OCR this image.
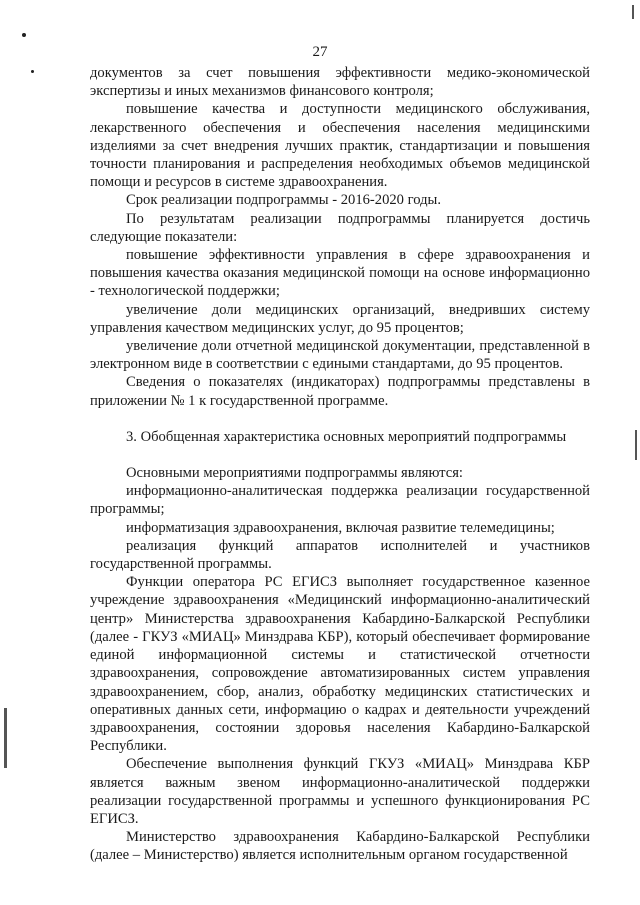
27

документов за счет повышения эффективности медико-экономической экспертизы и иных механизмов финансового контроля;

повышение качества и доступности медицинского обслуживания, лекарственного обеспечения и обеспечения населения медицинскими изделиями за счет внедрения лучших практик, стандартизации и повышения точности планирования и распределения необходимых объемов медицинской помощи и ресурсов в системе здравоохранения.

Срок реализации подпрограммы - 2016-2020 годы.

По результатам реализации подпрограммы планируется достичь следующие показатели:

повышение эффективности управления в сфере здравоохранения и повышения качества оказания медицинской помощи на основе информационно - технологической поддержки;

увеличение доли медицинских организаций, внедривших систему управления качеством медицинских услуг, до 95 процентов;

увеличение доли отчетной медицинской документации, представленной в электронном виде в соответствии с едиными стандартами, до 95 процентов.

Сведения о показателях (индикаторах) подпрограммы представлены в приложении № 1 к государственной программе.

3. Обобщенная характеристика основных мероприятий подпрограммы

Основными мероприятиями подпрограммы являются:

информационно-аналитическая поддержка реализации государственной программы;

информатизация здравоохранения, включая развитие телемедицины;

реализация функций аппаратов исполнителей и участников государственной программы.

Функции оператора РС ЕГИСЗ выполняет государственное казенное учреждение здравоохранения «Медицинский информационно-аналитический центр» Министерства здравоохранения Кабардино-Балкарской Республики (далее - ГКУЗ «МИАЦ» Минздрава КБР), который обеспечивает формирование единой информационной системы и статистической отчетности здравоохранения, сопровождение автоматизированных систем управления здравоохранением, сбор, анализ, обработку медицинских статистических и оперативных данных сети, информацию о кадрах и деятельности учреждений здравоохранения, состоянии здоровья населения Кабардино-Балкарской Республики.

Обеспечение выполнения функций ГКУЗ «МИАЦ» Минздрава КБР является важным звеном информационно-аналитической поддержки реализации государственной программы и успешного функционирования РС ЕГИСЗ.

Министерство здравоохранения Кабардино-Балкарской Республики (далее – Министерство) является исполнительным органом государственной
